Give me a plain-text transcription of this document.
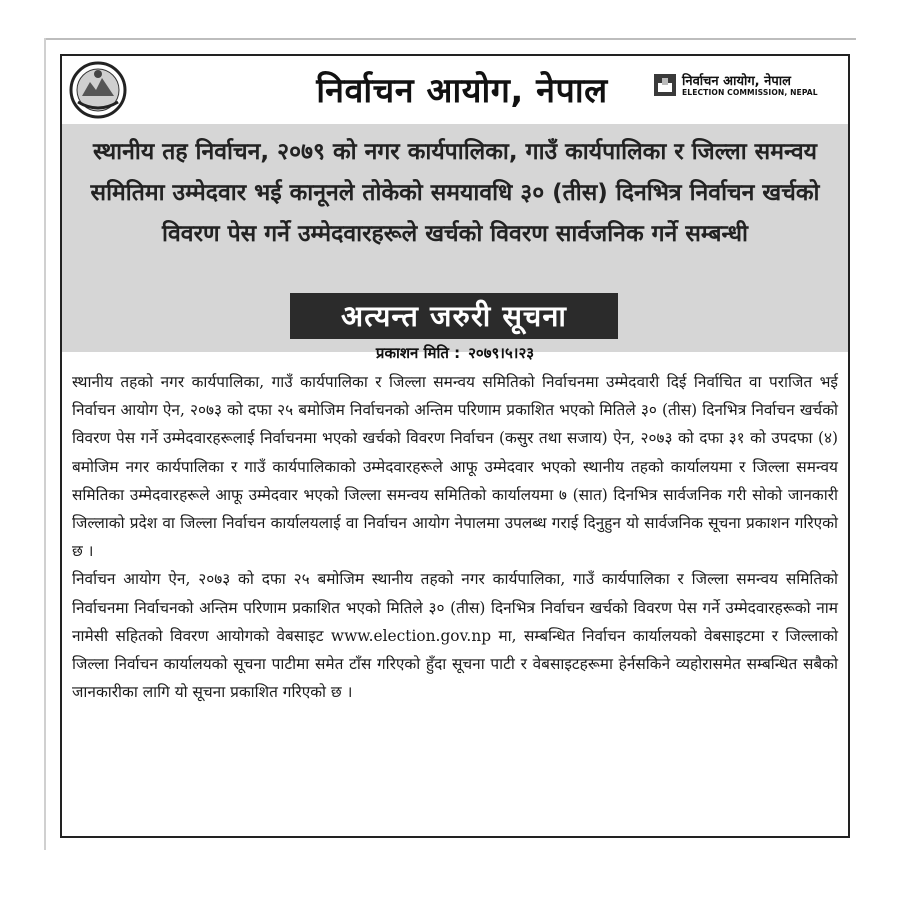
निर्वाचन आयोग, नेपाल	निर्वाचन आयोग, नेपाल
ELECTION COMMISSION, NEPAL
स्थानीय तह निर्वाचन, २०७९ को नगर कार्यपालिका, गाउँ कार्यपालिका र जिल्ला समन्वय समितिमा उम्मेदवार भई कानूनले तोकेको समयावधि ३० (तीस) दिनभित्र निर्वाचन खर्चको विवरण पेस गर्ने उम्मेदवारहरूले खर्चको विवरण सार्वजनिक गर्ने सम्बन्धी
अत्यन्त जरुरी सूचना
प्रकाशन मिति : २०७९।५।२३

स्थानीय तहको नगर कार्यपालिका, गाउँ कार्यपालिका र जिल्ला समन्वय समितिको निर्वाचनमा उम्मेदवारी दिई निर्वाचित वा पराजित भई निर्वाचन आयोग ऐन, २०७३ को दफा २५ बमोजिम निर्वाचनको अन्तिम परिणाम प्रकाशित भएको मितिले ३० (तीस) दिनभित्र निर्वाचन खर्चको विवरण पेस गर्ने उम्मेदवारहरूलाई निर्वाचनमा भएको खर्चको विवरण निर्वाचन (कसुर तथा सजाय) ऐन, २०७३ को दफा ३१ को उपदफा (४) बमोजिम नगर कार्यपालिका र गाउँ कार्यपालिकाको उम्मेदवारहरूले आफू उम्मेदवार भएको स्थानीय तहको कार्यालयमा र जिल्ला समन्वय समितिका उम्मेदवारहरूले आफू उम्मेदवार भएको जिल्ला समन्वय समितिको कार्यालयमा ७ (सात) दिनभित्र सार्वजनिक गरी सोको जानकारी जिल्लाको प्रदेश वा जिल्ला निर्वाचन कार्यालयलाई वा निर्वाचन आयोग नेपालमा उपलब्ध गराई दिनुहुन यो सार्वजनिक सूचना प्रकाशन गरिएको छ ।

निर्वाचन आयोग ऐन, २०७३ को दफा २५ बमोजिम स्थानीय तहको नगर कार्यपालिका, गाउँ कार्यपालिका र जिल्ला समन्वय समितिको निर्वाचनमा निर्वाचनको अन्तिम परिणाम प्रकाशित भएको मितिले ३० (तीस) दिनभित्र निर्वाचन खर्चको विवरण पेस गर्ने उम्मेदवारहरूको नाम नामेसी सहितको विवरण आयोगको वेबसाइट www.election.gov.np मा, सम्बन्धित निर्वाचन कार्यालयको वेबसाइटमा र जिल्लाको जिल्ला निर्वाचन कार्यालयको सूचना पाटीमा समेत टाँस गरिएको हुँदा सूचना पाटी र वेबसाइटहरूमा हेर्नसकिने व्यहोरासमेत सम्बन्धित सबैको जानकारीका लागि यो सूचना प्रकाशित गरिएको छ ।
